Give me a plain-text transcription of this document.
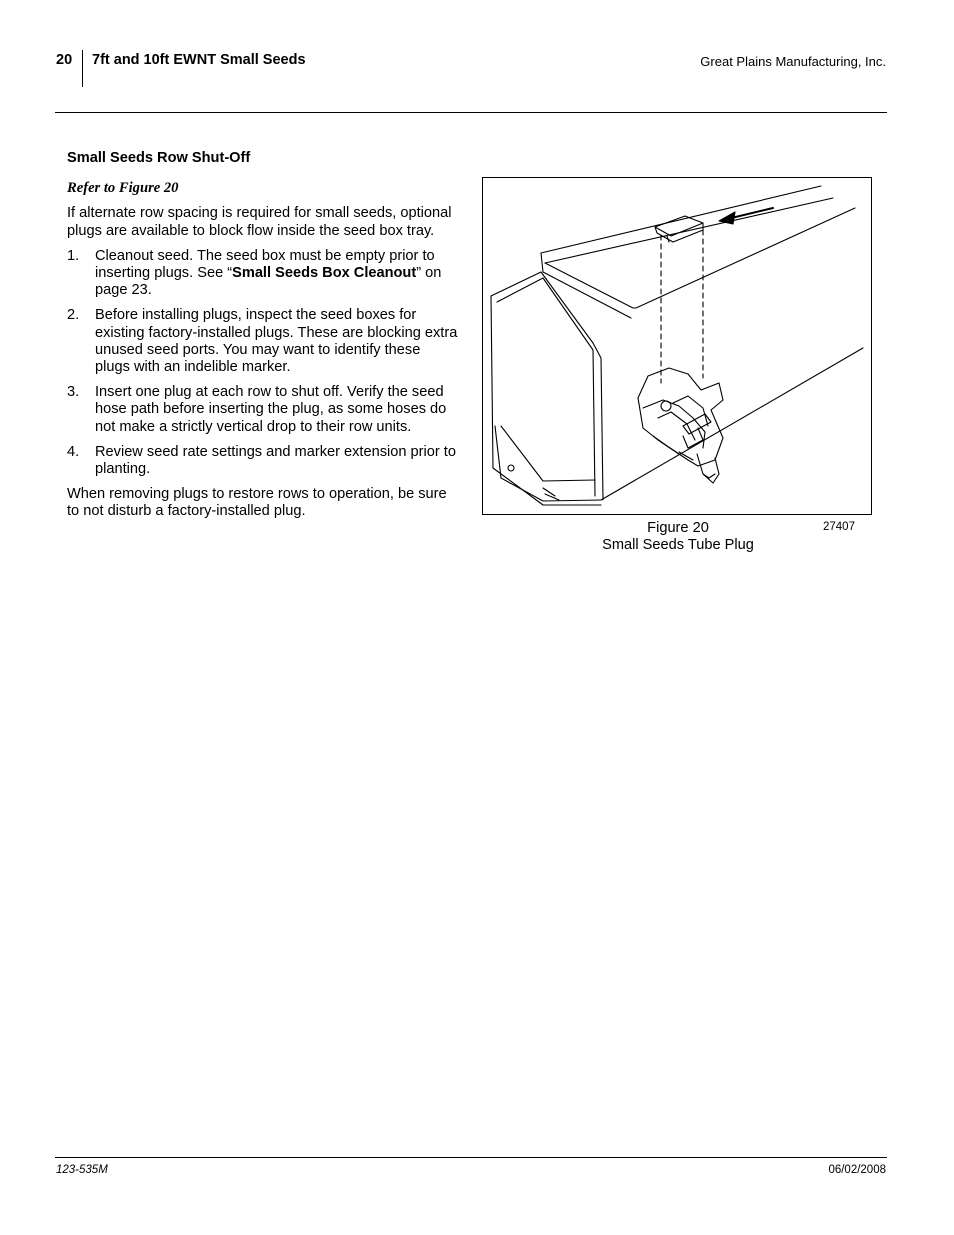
20 7ft and 10ft EWNT Small Seeds	Great Plains Manufacturing, Inc.
Small Seeds Row Shut-Off

Refer to Figure 20

If alternate row spacing is required for small seeds, optional plugs are available to block flow inside the seed box tray.

1. Cleanout seed. The seed box must be empty prior to inserting plugs. See “Small Seeds Box Cleanout” on page 23.
2. Before installing plugs, inspect the seed boxes for existing factory-installed plugs. These are blocking extra unused seed ports. You may want to identify these plugs with an indelible marker.
3. Insert one plug at each row to shut off. Verify the seed hose path before inserting the plug, as some hoses do not make a strictly vertical drop to their row units.
4. Review seed rate settings and marker extension prior to planting.

When removing plugs to restore rows to operation, be sure to not disturb a factory-installed plug.

Figure 20
Small Seeds Tube Plug
27407
123-535M	06/02/2008
